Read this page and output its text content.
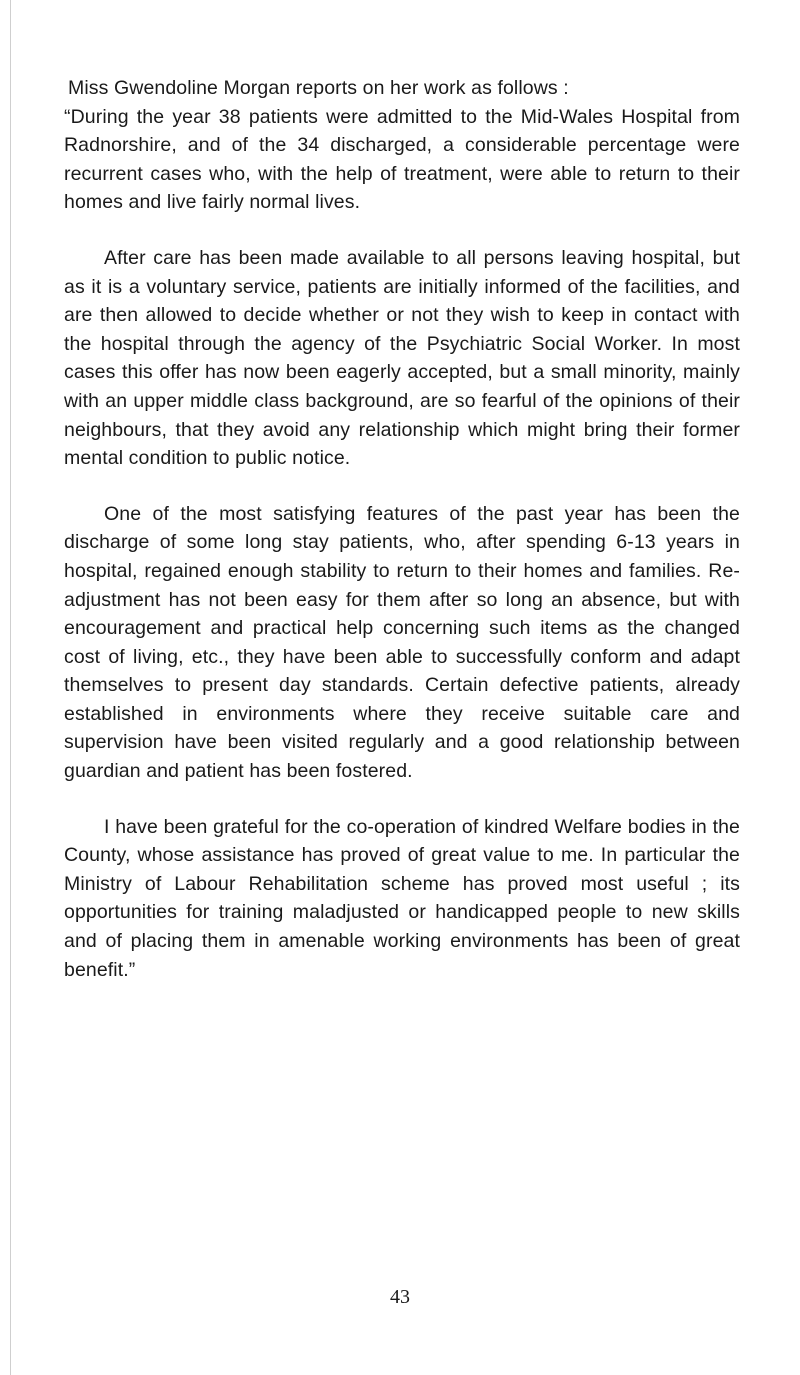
Miss Gwendoline Morgan reports on her work as follows :
“During the year 38 patients were admitted to the Mid-Wales Hospital from Radnorshire, and of the 34 discharged, a considerable percentage were recurrent cases who, with the help of treatment, were able to return to their homes and live fairly normal lives.

After care has been made available to all persons leaving hospital, but as it is a voluntary service, patients are initially informed of the facilities, and are then allowed to decide whether or not they wish to keep in contact with the hospital through the agency of the Psychiatric Social Worker. In most cases this offer has now been eagerly accepted, but a small minority, mainly with an upper middle class background, are so fearful of the opinions of their neighbours, that they avoid any relationship which might bring their former mental condition to public notice.

One of the most satisfying features of the past year has been the discharge of some long stay patients, who, after spending 6-13 years in hospital, regained enough stability to return to their homes and families. Re-adjustment has not been easy for them after so long an absence, but with encouragement and practical help concerning such items as the changed cost of living, etc., they have been able to successfully conform and adapt themselves to present day standards. Certain defective patients, already established in environments where they receive suitable care and supervision have been visited regularly and a good relationship between guardian and patient has been fostered.

I have been grateful for the co-operation of kindred Welfare bodies in the County, whose assistance has proved of great value to me. In particular the Ministry of Labour Rehabilitation scheme has proved most useful ; its opportunities for training maladjusted or handicapped people to new skills and of placing them in amenable working environments has been of great benefit.”

43
